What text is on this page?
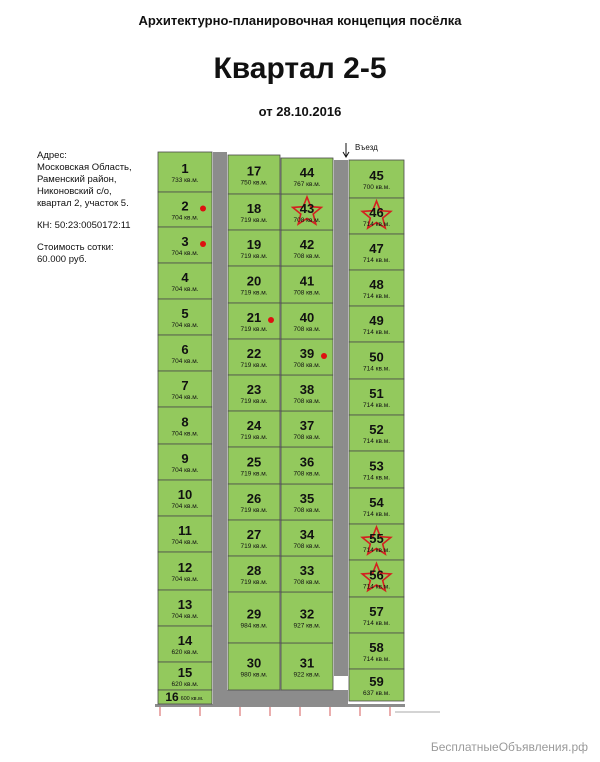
Архитектурно-планировочная концепция посёлка
Квартал 2-5
от 28.10.2016
Адрес:
Московская Область,
Раменский район,
Никоновский с/о,
квартал 2, участок 5.
КН: 50:23:0050172:11
Стоимость сотки:
60.000 руб.
1
733 кв.м.
2
704 кв.м.
3
704 кв.м.
4
704 кв.м.
5
704 кв.м.
6
704 кв.м.
7
704 кв.м.
8
704 кв.м.
9
704 кв.м.
10
704 кв.м.
11
704 кв.м.
12
704 кв.м.
13
704 кв.м.
14
620 кв.м.
15
620 кв.м.
16 600 кв.м.
17
750 кв.м.
18
719 кв.м.
19
719 кв.м.
20
719 кв.м.
21
719 кв.м.
22
719 кв.м.
23
719 кв.м.
24
719 кв.м.
25
719 кв.м.
26
719 кв.м.
27
719 кв.м.
28
719 кв.м.
29
984 кв.м.
30
980 кв.м.
31
922 кв.м.
32
927 кв.м.
33
708 кв.м.
34
708 кв.м.
35
708 кв.м.
36
708 кв.м.
37
708 кв.м.
38
708 кв.м.
39
708 кв.м.
40
708 кв.м.
41
708 кв.м.
42
708 кв.м.
43
708 кв.м.
44
767 кв.м.
45
700 кв.м.
46
714 кв.м.
47
714 кв.м.
48
714 кв.м.
49
714 кв.м.
50
714 кв.м.
51
714 кв.м.
52
714 кв.м.
53
714 кв.м.
54
714 кв.м.
55
714 кв.м.
56
714 кв.м.
57
714 кв.м.
58
714 кв.м.
59
637 кв.м.
Въезд
БесплатныеОбъявления.рф
